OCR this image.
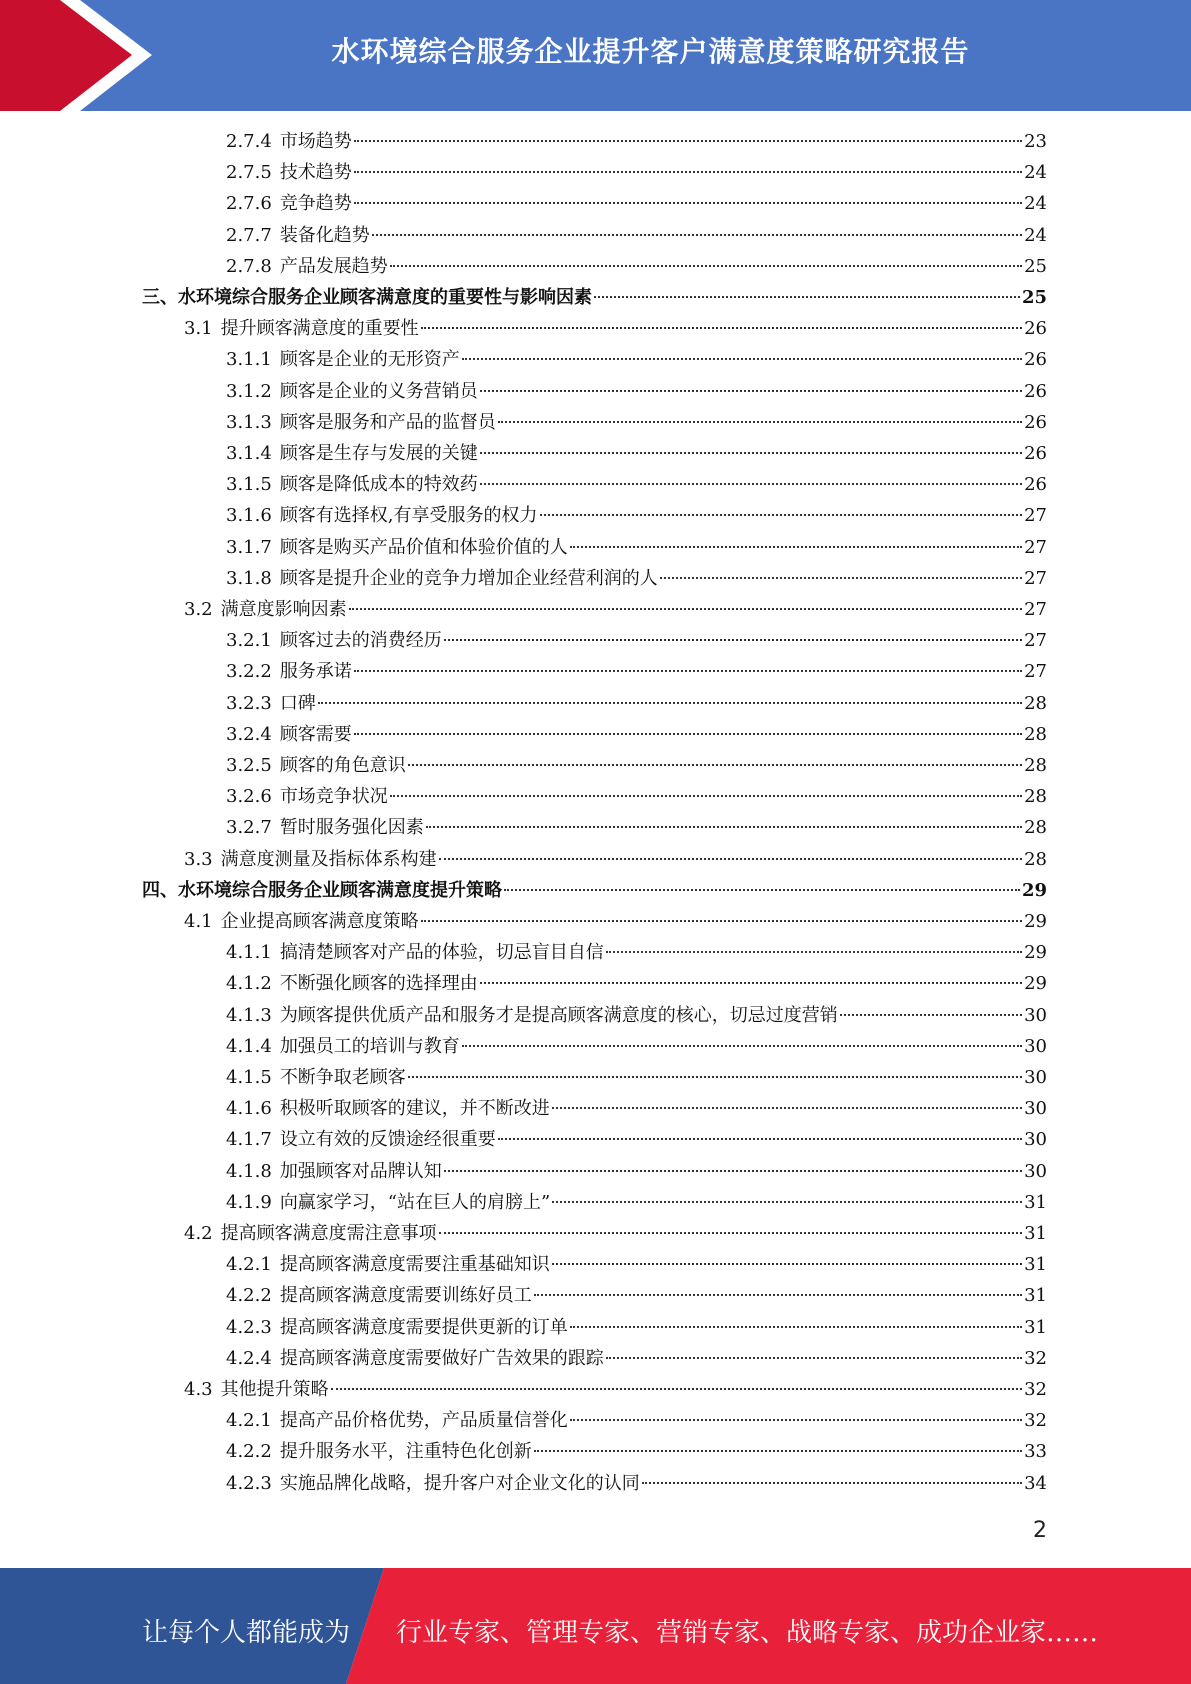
水环境综合服务企业提升客户满意度策略研究报告
2.7.4 市场趋势	23
2.7.5 技术趋势	24
2.7.6 竞争趋势	24
2.7.7 装备化趋势	24
2.7.8 产品发展趋势	25
三、 水环境综合服务企业顾客满意度的重要性与影响因素	25
3.1 提升顾客满意度的重要性	26
3.1.1 顾客是企业的无形资产	26
3.1.2 顾客是企业的义务营销员	26
3.1.3 顾客是服务和产品的监督员	26
3.1.4 顾客是生存与发展的关键	26
3.1.5 顾客是降低成本的特效药	26
3.1.6 顾客有选择权,有享受服务的权力	27
3.1.7 顾客是购买产品价值和体验价值的人	27
3.1.8 顾客是提升企业的竞争力增加企业经营利润的人	27
3.2 满意度影响因素	27
3.2.1 顾客过去的消费经历	27
3.2.2 服务承诺	27
3.2.3 口碑	28
3.2.4 顾客需要	28
3.2.5 顾客的角色意识	28
3.2.6 市场竞争状况	28
3.2.7 暂时服务强化因素	28
3.3 满意度测量及指标体系构建	28
四、 水环境综合服务企业顾客满意度提升策略	29
4.1 企业提高顾客满意度策略	29
4.1.1 搞清楚顾客对产品的体验，切忌盲目自信	29
4.1.2 不断强化顾客的选择理由	29
4.1.3 为顾客提供优质产品和服务才是提高顾客满意度的核心，切忌过度营销	30
4.1.4 加强员工的培训与教育	30
4.1.5 不断争取老顾客	30
4.1.6 积极听取顾客的建议，并不断改进	30
4.1.7 设立有效的反馈途经很重要	30
4.1.8 加强顾客对品牌认知	30
4.1.9 向赢家学习，“站在巨人的肩膀上”	31
4.2 提高顾客满意度需注意事项	31
4.2.1 提高顾客满意度需要注重基础知识	31
4.2.2 提高顾客满意度需要训练好员工	31
4.2.3 提高顾客满意度需要提供更新的订单	31
4.2.4 提高顾客满意度需要做好广告效果的跟踪	32
4.3 其他提升策略	32
4.2.1 提高产品价格优势，产品质量信誉化	32
4.2.2 提升服务水平，注重特色化创新	33
4.2.3 实施品牌化战略，提升客户对企业文化的认同	34
2
让每个人都能成为 行业专家、管理专家、营销专家、战略专家、成功企业家……
